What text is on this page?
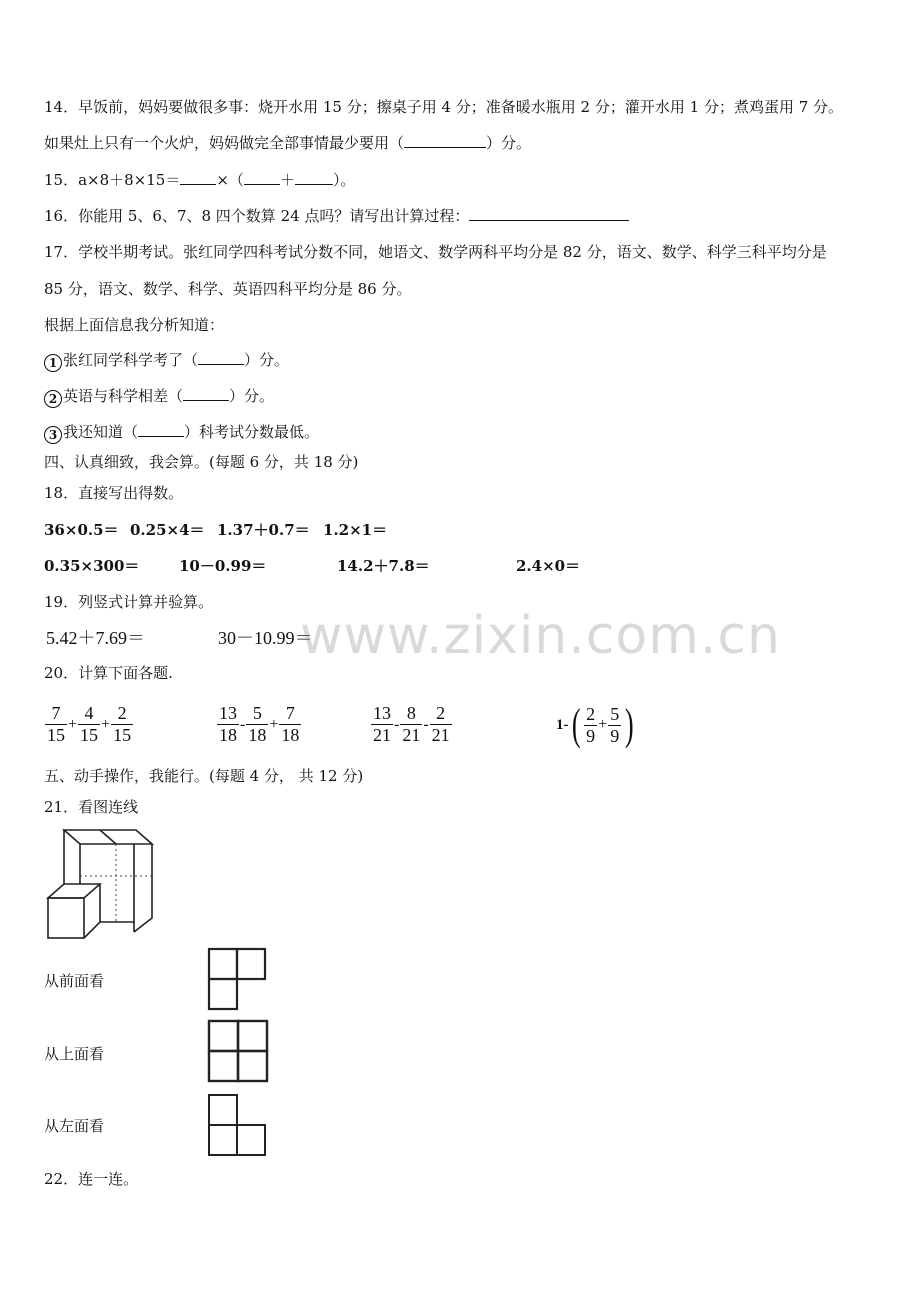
14．早饭前，妈妈要做很多事：烧开水用 15 分；擦桌子用 4 分；准备暖水瓶用 2 分；灌开水用 1 分；煮鸡蛋用 7 分。
如果灶上只有一个火炉，妈妈做完全部事情最少要用（	）分。
15．a×8＋8×15＝ ×（ ＋	）。
16．你能用 5、6、7、8 四个数算 24 点吗？请写出计算过程：
17．学校半期考试。张红同学四科考试分数不同，她语文、数学两科平均分是 82 分，语文、数学、科学三科平均分是
85 分，语文、数学、科学、英语四科平均分是 86 分。
根据上面信息我分析知道：
1 张红同学科学考了（	）分。
2 英语与科学相差（	）分。
3 我还知道（	）科考试分数最低。
四、认真细致，我会算。(每题 6 分，共 18 分)
18．直接写出得数。
36×0.5＝ 0.25×4＝ 1.37＋0.7＝ 1.2×1＝
0.35×300＝	10－0.99＝	14.2＋7.8＝	2.4×0＝
19．列竖式计算并验算。
5.42＋7.69＝	30－10.99＝
www.zixin.com.cn
20．计算下面各题.
$\frac{7}{15} + \frac{4}{15} + \frac{2}{15}$	$\frac{13}{18} - \frac{5}{18} + \frac{7}{18}$	$\frac{13}{21} - \frac{8}{21} - \frac{2}{21}$	$1-( \frac{2}{9} + \frac{5}{9}$ )
五、动手操作，我能行。(每题 4 分， 共 12 分)
21．看图连线
从前面看
从上面看
从左面看
22．连一连。
